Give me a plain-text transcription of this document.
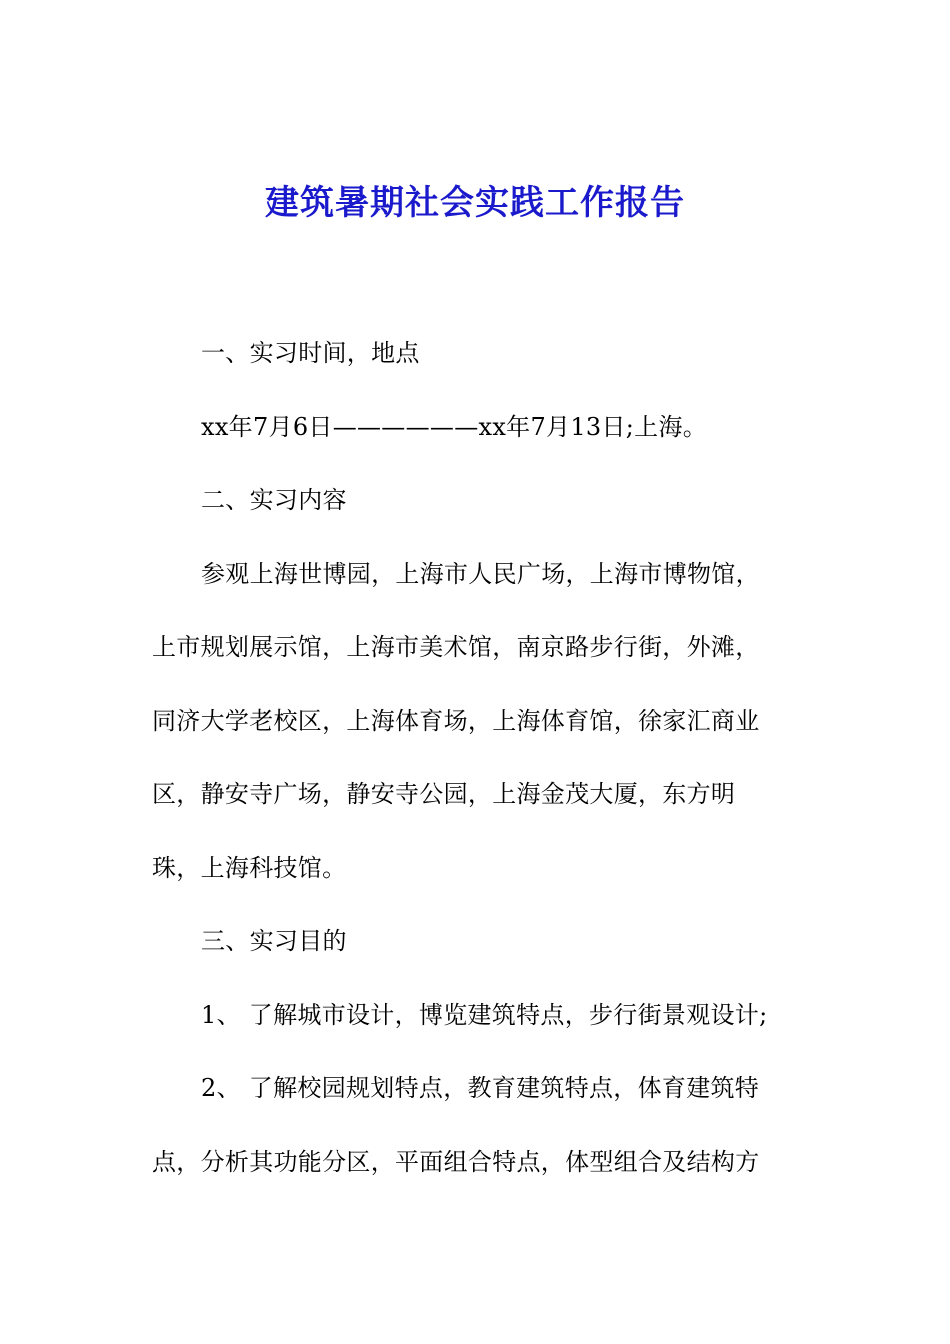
建筑暑期社会实践工作报告
一、实习时间，地点
xx年7月6日——————xx年7月13日;上海。
二、实习内容
参观上海世博园，上海市人民广场，上海市博物馆，
上市规划展示馆，上海市美术馆，南京路步行街，外滩，
同济大学老校区，上海体育场，上海体育馆，徐家汇商业
区，静安寺广场，静安寺公园，上海金茂大厦，东方明
珠，上海科技馆。
三、实习目的
1、 了解城市设计，博览建筑特点，步行街景观设计;
2、 了解校园规划特点，教育建筑特点，体育建筑特
点，分析其功能分区，平面组合特点，体型组合及结构方
